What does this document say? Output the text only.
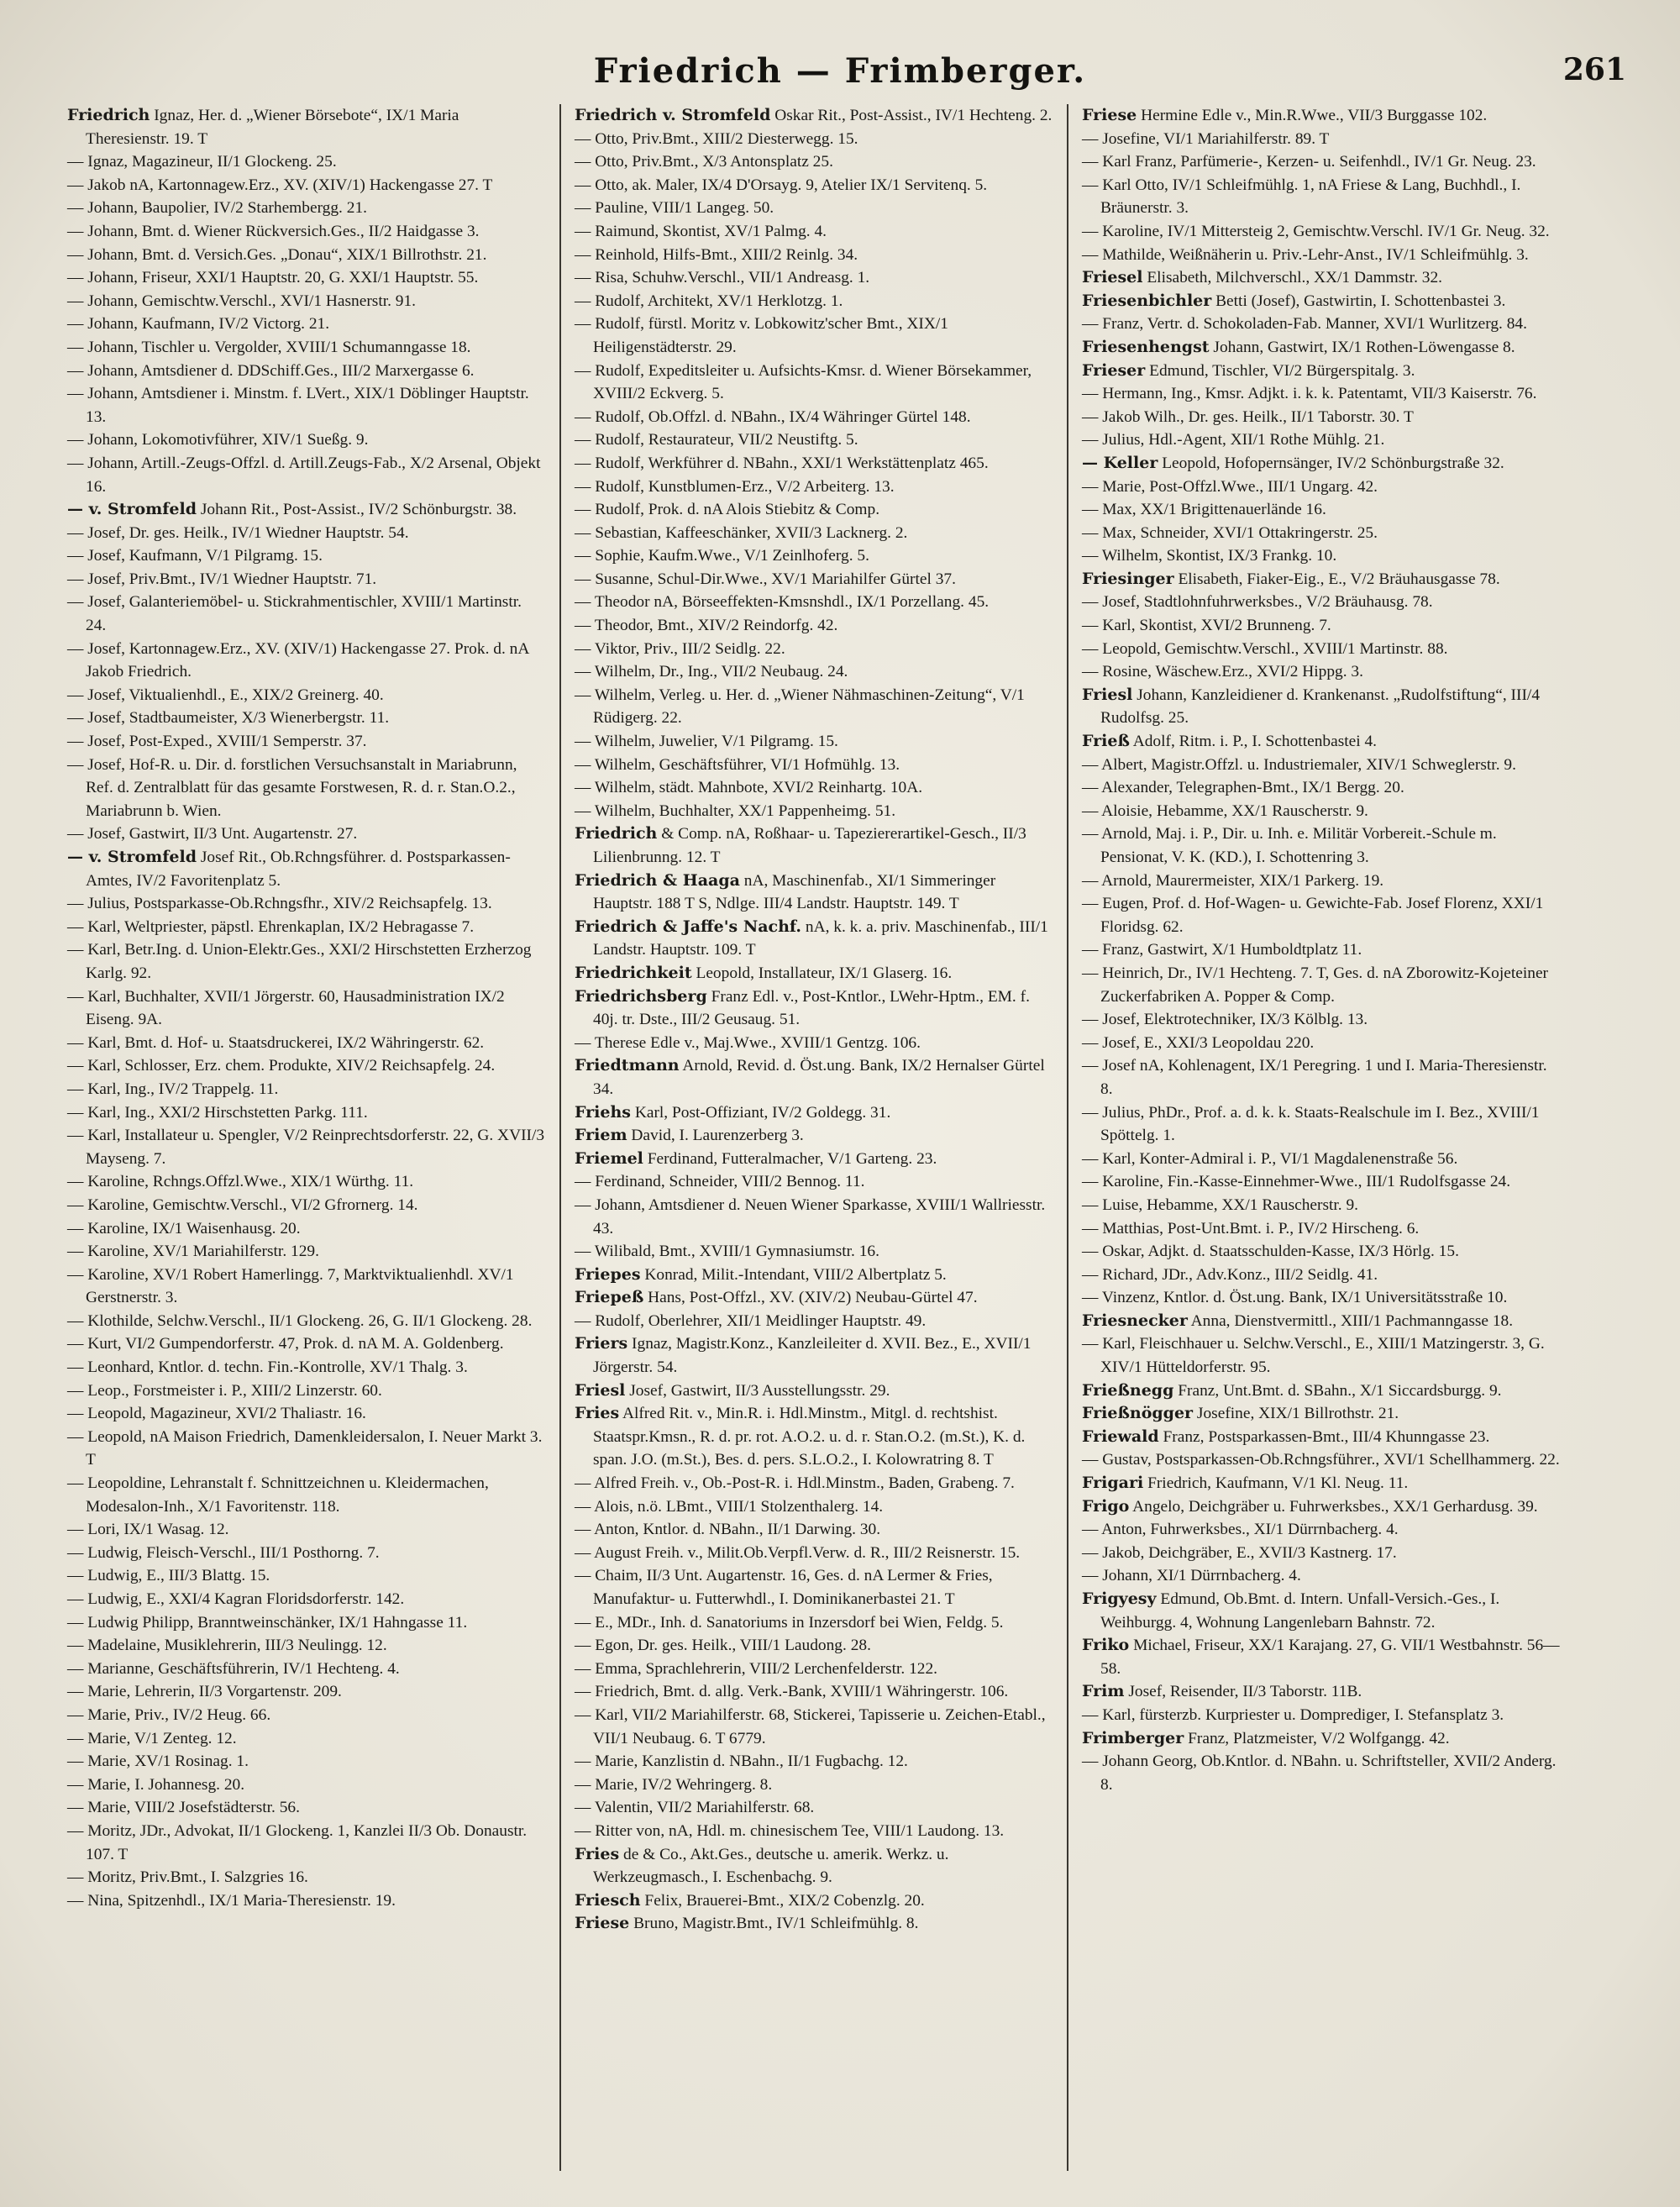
Friedrich — Frimberger.	261
Friedrich Ignaz, Her. d. „Wiener Börsebote“, IX/1 Maria Theresienstr. 19. T
— Ignaz, Magazineur, II/1 Glockeng. 25.
— Jakob nA, Kartonnagew.Erz., XV. (XIV/1) Hackengasse 27. T
— Johann, Baupolier, IV/2 Starhembergg. 21.
— Johann, Bmt. d. Wiener Rückversich.Ges., II/2 Haidgasse 3.
— Johann, Bmt. d. Versich.Ges. „Donau“, XIX/1 Billrothstr. 21.
— Johann, Friseur, XXI/1 Hauptstr. 20, G. XXI/1 Hauptstr. 55.
— Johann, Gemischtw.Verschl., XVI/1 Hasnerstr. 91.
— Johann, Kaufmann, IV/2 Victorg. 21.
— Johann, Tischler u. Vergolder, XVIII/1 Schumanngasse 18.
— Johann, Amtsdiener d. DDSchiff.Ges., III/2 Marxergasse 6.
— Johann, Amtsdiener i. Minstm. f. LVert., XIX/1 Döblinger Hauptstr. 13.
— Johann, Lokomotivführer, XIV/1 Sueßg. 9.
— Johann, Artill.-Zeugs-Offzl. d. Artill.Zeugs-Fab., X/2 Arsenal, Objekt 16.
— v. Stromfeld Johann Rit., Post-Assist., IV/2 Schönburgstr. 38.
— Josef, Dr. ges. Heilk., IV/1 Wiedner Hauptstr. 54.
— Josef, Kaufmann, V/1 Pilgramg. 15.
— Josef, Priv.Bmt., IV/1 Wiedner Hauptstr. 71.
— Josef, Galanteriemöbel- u. Stickrahmentischler, XVIII/1 Martinstr. 24.
— Josef, Kartonnagew.Erz., XV. (XIV/1) Hackengasse 27. Prok. d. nA Jakob Friedrich.
— Josef, Viktualienhdl., E., XIX/2 Greinerg. 40.
— Josef, Stadtbaumeister, X/3 Wienerbergstr. 11.
— Josef, Post-Exped., XVIII/1 Semperstr. 37.
— Josef, Hof-R. u. Dir. d. forstlichen Versuchsanstalt in Mariabrunn, Ref. d. Zentralblatt für das gesamte Forstwesen, R. d. r. Stan.O.2., Mariabrunn b. Wien.
— Josef, Gastwirt, II/3 Unt. Augartenstr. 27.
— v. Stromfeld Josef Rit., Ob.Rchngsführer. d. Postsparkassen-Amtes, IV/2 Favoritenplatz 5.
— Julius, Postsparkasse-Ob.Rchngsfhr., XIV/2 Reichsapfelg. 13.
— Karl, Weltpriester, päpstl. Ehrenkaplan, IX/2 Hebragasse 7.
— Karl, Betr.Ing. d. Union-Elektr.Ges., XXI/2 Hirschstetten Erzherzog Karlg. 92.
— Karl, Buchhalter, XVII/1 Jörgerstr. 60, Hausadministration IX/2 Eiseng. 9A.
— Karl, Bmt. d. Hof- u. Staatsdruckerei, IX/2 Währingerstr. 62.
— Karl, Schlosser, Erz. chem. Produkte, XIV/2 Reichsapfelg. 24.
— Karl, Ing., IV/2 Trappelg. 11.
— Karl, Ing., XXI/2 Hirschstetten Parkg. 111.
— Karl, Installateur u. Spengler, V/2 Reinprechtsdorferstr. 22, G. XVII/3 Mayseng. 7.
— Karoline, Rchngs.Offzl.Wwe., XIX/1 Würthg. 11.
— Karoline, Gemischtw.Verschl., VI/2 Gfrornerg. 14.
— Karoline, IX/1 Waisenhausg. 20.
— Karoline, XV/1 Mariahilferstr. 129.
— Karoline, XV/1 Robert Hamerlingg. 7, Marktviktualienhdl. XV/1 Gerstnerstr. 3.
— Klothilde, Selchw.Verschl., II/1 Glockeng. 26, G. II/1 Glockeng. 28.
— Kurt, VI/2 Gumpendorferstr. 47, Prok. d. nA M. A. Goldenberg.
— Leonhard, Kntlor. d. techn. Fin.-Kontrolle, XV/1 Thalg. 3.
— Leop., Forstmeister i. P., XIII/2 Linzerstr. 60.
— Leopold, Magazineur, XVI/2 Thaliastr. 16.
— Leopold, nA Maison Friedrich, Damenkleidersalon, I. Neuer Markt 3. T
— Leopoldine, Lehranstalt f. Schnittzeichnen u. Kleidermachen, Modesalon-Inh., X/1 Favoritenstr. 118.
— Lori, IX/1 Wasag. 12.
— Ludwig, Fleisch-Verschl., III/1 Posthorng. 7.
— Ludwig, E., III/3 Blattg. 15.
— Ludwig, E., XXI/4 Kagran Floridsdorferstr. 142.
— Ludwig Philipp, Branntweinschänker, IX/1 Hahngasse 11.
— Madelaine, Musiklehrerin, III/3 Neulingg. 12.
— Marianne, Geschäftsführerin, IV/1 Hechteng. 4.
— Marie, Lehrerin, II/3 Vorgartenstr. 209.
— Marie, Priv., IV/2 Heug. 66.
— Marie, V/1 Zenteg. 12.
— Marie, XV/1 Rosinag. 1.
— Marie, I. Johannesg. 20.
— Marie, VIII/2 Josefstädterstr. 56.
— Moritz, JDr., Advokat, II/1 Glockeng. 1, Kanzlei II/3 Ob. Donaustr. 107. T
— Moritz, Priv.Bmt., I. Salzgries 16.
— Nina, Spitzenhdl., IX/1 Maria-Theresienstr. 19.
Friedrich v. Stromfeld Oskar Rit., Post-Assist., IV/1 Hechteng. 2.
— Otto, Priv.Bmt., XIII/2 Diesterwegg. 15.
— Otto, Priv.Bmt., X/3 Antonsplatz 25.
— Otto, ak. Maler, IX/4 D'Orsayg. 9, Atelier IX/1 Servitenq. 5.
— Pauline, VIII/1 Langeg. 50.
— Raimund, Skontist, XV/1 Palmg. 4.
— Reinhold, Hilfs-Bmt., XIII/2 Reinlg. 34.
— Risa, Schuhw.Verschl., VII/1 Andreasg. 1.
— Rudolf, Architekt, XV/1 Herklotzg. 1.
— Rudolf, fürstl. Moritz v. Lobkowitz'scher Bmt., XIX/1 Heiligenstädterstr. 29.
— Rudolf, Expeditsleiter u. Aufsichts-Kmsr. d. Wiener Börsekammer, XVIII/2 Eckverg. 5.
— Rudolf, Ob.Offzl. d. NBahn., IX/4 Währinger Gürtel 148.
— Rudolf, Restaurateur, VII/2 Neustiftg. 5.
— Rudolf, Werkführer d. NBahn., XXI/1 Werkstättenplatz 465.
— Rudolf, Kunstblumen-Erz., V/2 Arbeiterg. 13.
— Rudolf, Prok. d. nA Alois Stiebitz & Comp.
— Sebastian, Kaffeeschänker, XVII/3 Lacknerg. 2.
— Sophie, Kaufm.Wwe., V/1 Zeinlhoferg. 5.
— Susanne, Schul-Dir.Wwe., XV/1 Mariahilfer Gürtel 37.
— Theodor nA, Börseeffekten-Kmsnshdl., IX/1 Porzellang. 45.
— Theodor, Bmt., XIV/2 Reindorfg. 42.
— Viktor, Priv., III/2 Seidlg. 22.
— Wilhelm, Dr., Ing., VII/2 Neubaug. 24.
— Wilhelm, Verleg. u. Her. d. „Wiener Nähmaschinen-Zeitung“, V/1 Rüdigerg. 22.
— Wilhelm, Juwelier, V/1 Pilgramg. 15.
— Wilhelm, Geschäftsführer, VI/1 Hofmühlg. 13.
— Wilhelm, städt. Mahnbote, XVI/2 Reinhartg. 10A.
— Wilhelm, Buchhalter, XX/1 Pappenheimg. 51.
Friedrich & Comp. nA, Roßhaar- u. Tapeziererartikel-Gesch., II/3 Lilienbrunng. 12. T
Friedrich & Haaga nA, Maschinenfab., XI/1 Simmeringer Hauptstr. 188 T S, Ndlge. III/4 Landstr. Hauptstr. 149. T
Friedrich & Jaffe's Nachf. nA, k. k. a. priv. Maschinenfab., III/1 Landstr. Hauptstr. 109. T
Friedrichkeit Leopold, Installateur, IX/1 Glaserg. 16.
Friedrichsberg Franz Edl. v., Post-Kntlor., LWehr-Hptm., EM. f. 40j. tr. Dste., III/2 Geusaug. 51.
— Therese Edle v., Maj.Wwe., XVIII/1 Gentzg. 106.
Friedtmann Arnold, Revid. d. Öst.ung. Bank, IX/2 Hernalser Gürtel 34.
Friehs Karl, Post-Offiziant, IV/2 Goldegg. 31.
Friem David, I. Laurenzerberg 3.
Friemel Ferdinand, Futteralmacher, V/1 Garteng. 23.
— Ferdinand, Schneider, VIII/2 Bennog. 11.
— Johann, Amtsdiener d. Neuen Wiener Sparkasse, XVIII/1 Wallriesstr. 43.
— Wilibald, Bmt., XVIII/1 Gymnasiumstr. 16.
Friepes Konrad, Milit.-Intendant, VIII/2 Albertplatz 5.
Friepeß Hans, Post-Offzl., XV. (XIV/2) Neubau-Gürtel 47.
— Rudolf, Oberlehrer, XII/1 Meidlinger Hauptstr. 49.
Friers Ignaz, Magistr.Konz., Kanzleileiter d. XVII. Bez., E., XVII/1 Jörgerstr. 54.
Friesl Josef, Gastwirt, II/3 Ausstellungsstr. 29.
Fries Alfred Rit. v., Min.R. i. Hdl.Minstm., Mitgl. d. rechtshist. Staatspr.Kmsn., R. d. pr. rot. A.O.2. u. d. r. Stan.O.2. (m.St.), K. d. span. J.O. (m.St.), Bes. d. pers. S.L.O.2., I. Kolowratring 8. T
— Alfred Freih. v., Ob.-Post-R. i. Hdl.Minstm., Baden, Grabeng. 7.
— Alois, n.ö. LBmt., VIII/1 Stolzenthalerg. 14.
— Anton, Kntlor. d. NBahn., II/1 Darwing. 30.
— August Freih. v., Milit.Ob.Verpfl.Verw. d. R., III/2 Reisnerstr. 15.
— Chaim, II/3 Unt. Augartenstr. 16, Ges. d. nA Lermer & Fries, Manufaktur- u. Futterwhdl., I. Dominikanerbastei 21. T
— E., MDr., Inh. d. Sanatoriums in Inzersdorf bei Wien, Feldg. 5.
— Egon, Dr. ges. Heilk., VIII/1 Laudong. 28.
— Emma, Sprachlehrerin, VIII/2 Lerchenfelderstr. 122.
— Friedrich, Bmt. d. allg. Verk.-Bank, XVIII/1 Währingerstr. 106.
— Karl, VII/2 Mariahilferstr. 68, Stickerei, Tapisserie u. Zeichen-Etabl., VII/1 Neubaug. 6. T 6779.
— Marie, Kanzlistin d. NBahn., II/1 Fugbachg. 12.
— Marie, IV/2 Wehringerg. 8.
— Valentin, VII/2 Mariahilferstr. 68.
— Ritter von, nA, Hdl. m. chinesischem Tee, VIII/1 Laudong. 13.
Fries de & Co., Akt.Ges., deutsche u. amerik. Werkz. u. Werkzeugmasch., I. Eschenbachg. 9.
Friesch Felix, Brauerei-Bmt., XIX/2 Cobenzlg. 20.
Friese Bruno, Magistr.Bmt., IV/1 Schleifmühlg. 8.
Friese Hermine Edle v., Min.R.Wwe., VII/3 Burggasse 102.
— Josefine, VI/1 Mariahilferstr. 89. T
— Karl Franz, Parfümerie-, Kerzen- u. Seifenhdl., IV/1 Gr. Neug. 23.
— Karl Otto, IV/1 Schleifmühlg. 1, nA Friese & Lang, Buchhdl., I. Bräunerstr. 3.
— Karoline, IV/1 Mittersteig 2, Gemischtw.Verschl. IV/1 Gr. Neug. 32.
— Mathilde, Weißnäherin u. Priv.-Lehr-Anst., IV/1 Schleifmühlg. 3.
Friesel Elisabeth, Milchverschl., XX/1 Dammstr. 32.
Friesenbichler Betti (Josef), Gastwirtin, I. Schottenbastei 3.
— Franz, Vertr. d. Schokoladen-Fab. Manner, XVI/1 Wurlitzerg. 84.
Friesenhengst Johann, Gastwirt, IX/1 Rothen-Löwengasse 8.
Frieser Edmund, Tischler, VI/2 Bürgerspitalg. 3.
— Hermann, Ing., Kmsr. Adjkt. i. k. k. Patentamt, VII/3 Kaiserstr. 76.
— Jakob Wilh., Dr. ges. Heilk., II/1 Taborstr. 30. T
— Julius, Hdl.-Agent, XII/1 Rothe Mühlg. 21.
— Keller Leopold, Hofopernsänger, IV/2 Schönburgstraße 32.
— Marie, Post-Offzl.Wwe., III/1 Ungarg. 42.
— Max, XX/1 Brigittenauerlände 16.
— Max, Schneider, XVI/1 Ottakringerstr. 25.
— Wilhelm, Skontist, IX/3 Frankg. 10.
Friesinger Elisabeth, Fiaker-Eig., E., V/2 Bräuhausgasse 78.
— Josef, Stadtlohnfuhrwerksbes., V/2 Bräuhausg. 78.
— Karl, Skontist, XVI/2 Brunneng. 7.
— Leopold, Gemischtw.Verschl., XVIII/1 Martinstr. 88.
— Rosine, Wäschew.Erz., XVI/2 Hippg. 3.
Friesl Johann, Kanzleidiener d. Krankenanst. „Rudolfstiftung“, III/4 Rudolfsg. 25.
Frieß Adolf, Ritm. i. P., I. Schottenbastei 4.
— Albert, Magistr.Offzl. u. Industriemaler, XIV/1 Schweglerstr. 9.
— Alexander, Telegraphen-Bmt., IX/1 Bergg. 20.
— Aloisie, Hebamme, XX/1 Rauscherstr. 9.
— Arnold, Maj. i. P., Dir. u. Inh. e. Militär Vorbereit.-Schule m. Pensionat, V. K. (KD.), I. Schottenring 3.
— Arnold, Maurermeister, XIX/1 Parkerg. 19.
— Eugen, Prof. d. Hof-Wagen- u. Gewichte-Fab. Josef Florenz, XXI/1 Floridsg. 62.
— Franz, Gastwirt, X/1 Humboldtplatz 11.
— Heinrich, Dr., IV/1 Hechteng. 7. T, Ges. d. nA Zborowitz-Kojeteiner Zuckerfabriken A. Popper & Comp.
— Josef, Elektrotechniker, IX/3 Kölblg. 13.
— Josef, E., XXI/3 Leopoldau 220.
— Josef nA, Kohlenagent, IX/1 Peregring. 1 und I. Maria-Theresienstr. 8.
— Julius, PhDr., Prof. a. d. k. k. Staats-Realschule im I. Bez., XVIII/1 Spöttelg. 1.
— Karl, Konter-Admiral i. P., VI/1 Magdalenenstraße 56.
— Karoline, Fin.-Kasse-Einnehmer-Wwe., III/1 Rudolfsgasse 24.
— Luise, Hebamme, XX/1 Rauscherstr. 9.
— Matthias, Post-Unt.Bmt. i. P., IV/2 Hirscheng. 6.
— Oskar, Adjkt. d. Staatsschulden-Kasse, IX/3 Hörlg. 15.
— Richard, JDr., Adv.Konz., III/2 Seidlg. 41.
— Vinzenz, Kntlor. d. Öst.ung. Bank, IX/1 Universitätsstraße 10.
Friesnecker Anna, Dienstvermittl., XIII/1 Pachmanngasse 18.
— Karl, Fleischhauer u. Selchw.Verschl., E., XIII/1 Matzingerstr. 3, G. XIV/1 Hütteldorferstr. 95.
Frießnegg Franz, Unt.Bmt. d. SBahn., X/1 Siccardsburgg. 9.
Frießnögger Josefine, XIX/1 Billrothstr. 21.
Friewald Franz, Postsparkassen-Bmt., III/4 Khunngasse 23.
— Gustav, Postsparkassen-Ob.Rchngsführer., XVI/1 Schellhammerg. 22.
Frigari Friedrich, Kaufmann, V/1 Kl. Neug. 11.
Frigo Angelo, Deichgräber u. Fuhrwerksbes., XX/1 Gerhardusg. 39.
— Anton, Fuhrwerksbes., XI/1 Dürrnbacherg. 4.
— Jakob, Deichgräber, E., XVII/3 Kastnerg. 17.
— Johann, XI/1 Dürrnbacherg. 4.
Frigyesy Edmund, Ob.Bmt. d. Intern. Unfall-Versich.-Ges., I. Weihburgg. 4, Wohnung Langenlebarn Bahnstr. 72.
Friko Michael, Friseur, XX/1 Karajang. 27, G. VII/1 Westbahnstr. 56—58.
Frim Josef, Reisender, II/3 Taborstr. 11B.
— Karl, fürsterzb. Kurpriester u. Domprediger, I. Stefansplatz 3.
Frimberger Franz, Platzmeister, V/2 Wolfgangg. 42.
— Johann Georg, Ob.Kntlor. d. NBahn. u. Schriftsteller, XVII/2 Anderg. 8.
